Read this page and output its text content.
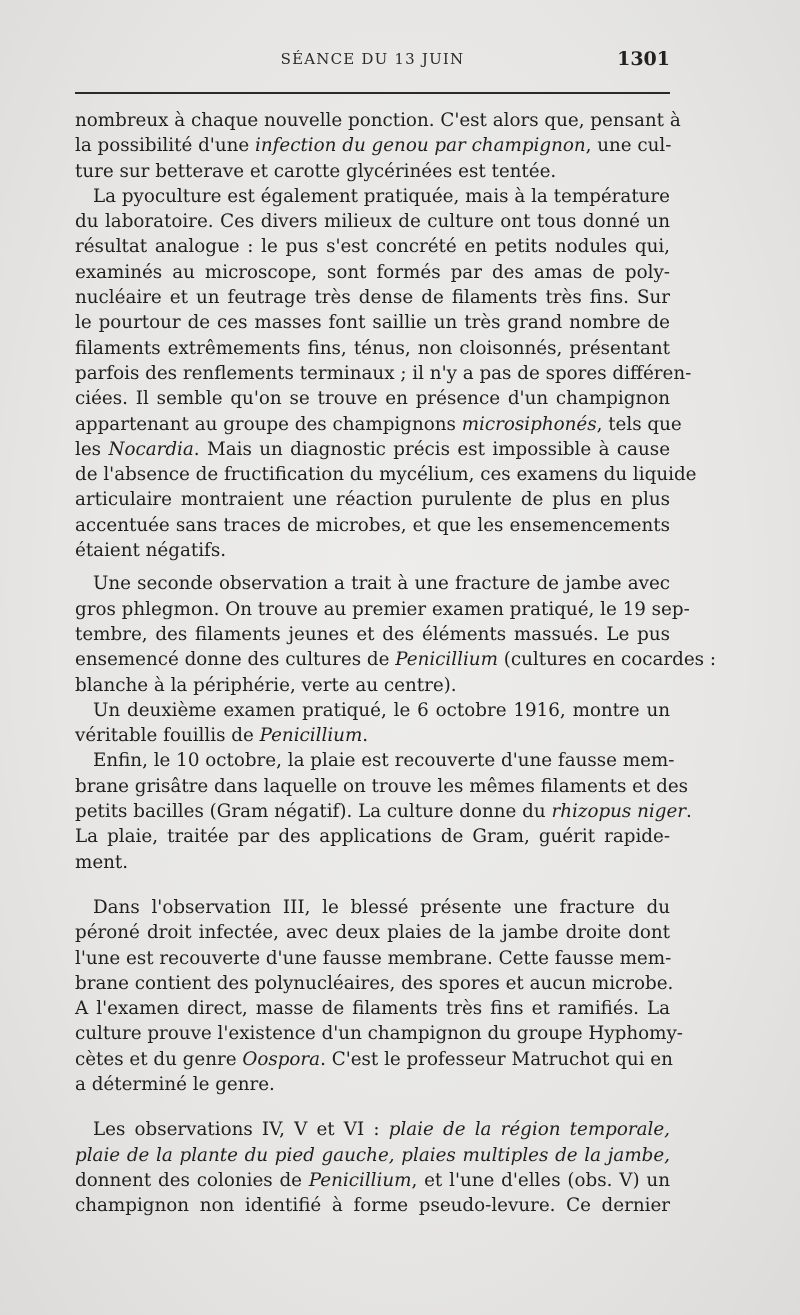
SÉANCE DU 13 JUIN	1301
nombreux à chaque nouvelle ponction. C'est alors que, pensant à
la possibilité d'une infection du genou par champignon, une cul-
ture sur betterave et carotte glycérinées est tentée.
La pyoculture est également pratiquée, mais à la température
du laboratoire. Ces divers milieux de culture ont tous donné un
résultat analogue : le pus s'est concrété en petits nodules qui,
examinés au microscope, sont formés par des amas de poly-
nucléaire et un feutrage très dense de filaments très fins. Sur
le pourtour de ces masses font saillie un très grand nombre de
filaments extrêmements fins, ténus, non cloisonnés, présentant
parfois des renflements terminaux ; il n'y a pas de spores différen-
ciées. Il semble qu'on se trouve en présence d'un champignon
appartenant au groupe des champignons microsiphonés, tels que
les Nocardia. Mais un diagnostic précis est impossible à cause
de l'absence de fructification du mycélium, ces examens du liquide
articulaire montraient une réaction purulente de plus en plus
accentuée sans traces de microbes, et que les ensemencements
étaient négatifs.
Une seconde observation a trait à une fracture de jambe avec
gros phlegmon. On trouve au premier examen pratiqué, le 19 sep-
tembre, des filaments jeunes et des éléments massués. Le pus
ensemencé donne des cultures de Penicillium (cultures en cocardes :
blanche à la périphérie, verte au centre).
Un deuxième examen pratiqué, le 6 octobre 1916, montre un
véritable fouillis de Penicillium.
Enfin, le 10 octobre, la plaie est recouverte d'une fausse mem-
brane grisâtre dans laquelle on trouve les mêmes filaments et des
petits bacilles (Gram négatif). La culture donne du rhizopus niger.
La plaie, traitée par des applications de Gram, guérit rapide-
ment.
Dans l'observation III, le blessé présente une fracture du
péroné droit infectée, avec deux plaies de la jambe droite dont
l'une est recouverte d'une fausse membrane. Cette fausse mem-
brane contient des polynucléaires, des spores et aucun microbe.
A l'examen direct, masse de filaments très fins et ramifiés. La
culture prouve l'existence d'un champignon du groupe Hyphomy-
cètes et du genre Oospora. C'est le professeur Matruchot qui en
a déterminé le genre.
Les observations IV, V et VI : plaie de la région temporale,
plaie de la plante du pied gauche, plaies multiples de la jambe,
donnent des colonies de Penicillium, et l'une d'elles (obs. V) un
champignon non identifié à forme pseudo-levure. Ce dernier
